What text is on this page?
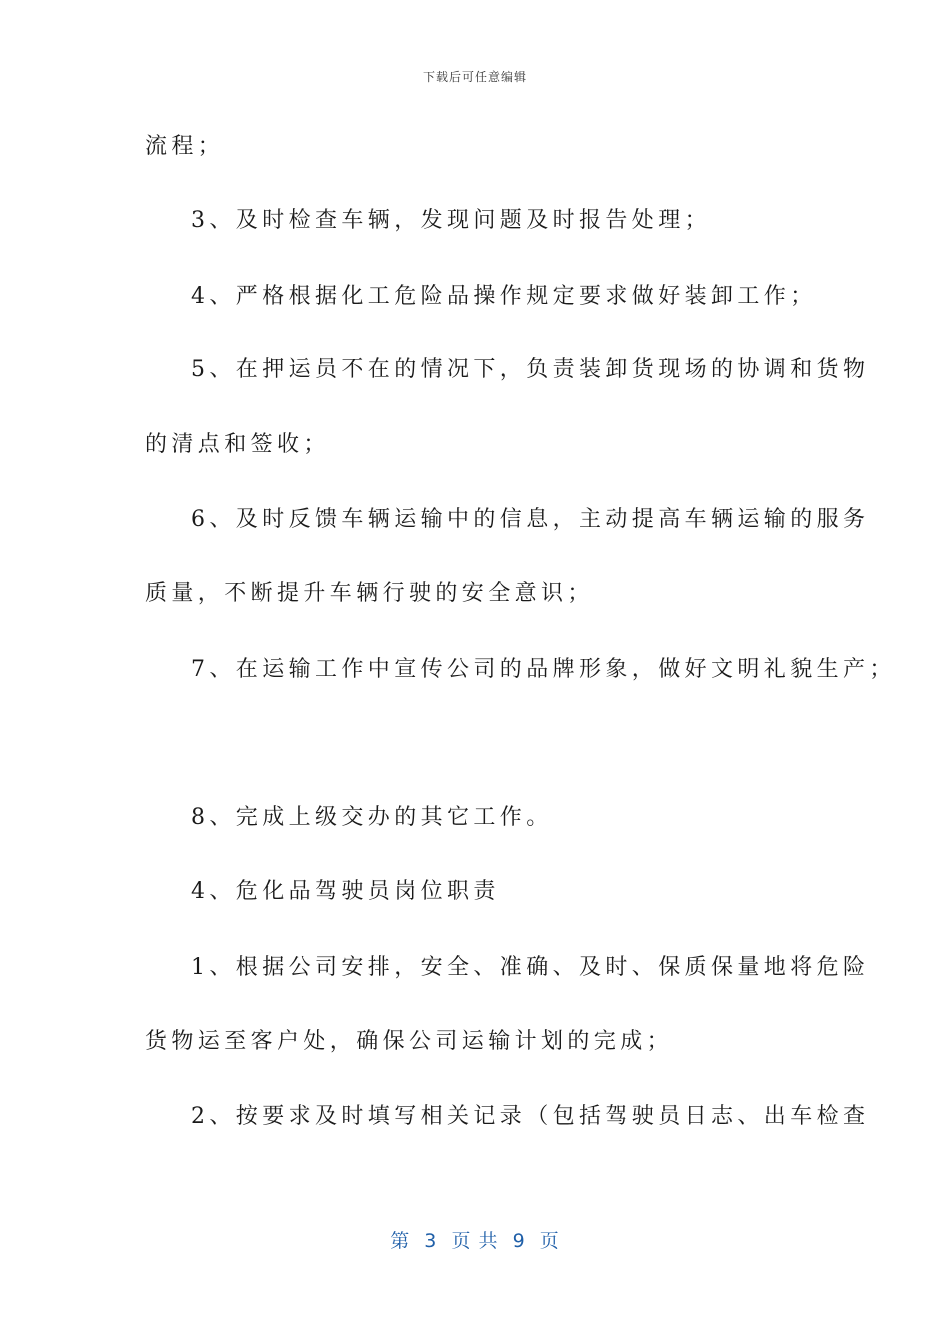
下载后可任意编辑
流程；
3、及时检查车辆，发现问题及时报告处理；
4、严格根据化工危险品操作规定要求做好装卸工作；
5、在押运员不在的情况下，负责装卸货现场的协调和货物
的清点和签收；
6、及时反馈车辆运输中的信息，主动提高车辆运输的服务
质量，不断提升车辆行驶的安全意识；
7、在运输工作中宣传公司的品牌形象，做好文明礼貌生产；
8、完成上级交办的其它工作。
4、危化品驾驶员岗位职责
1、根据公司安排，安全、准确、及时、保质保量地将危险
货物运至客户处，确保公司运输计划的完成；
2、按要求及时填写相关记录（包括驾驶员日志、出车检查
第  3  页 共  9  页
